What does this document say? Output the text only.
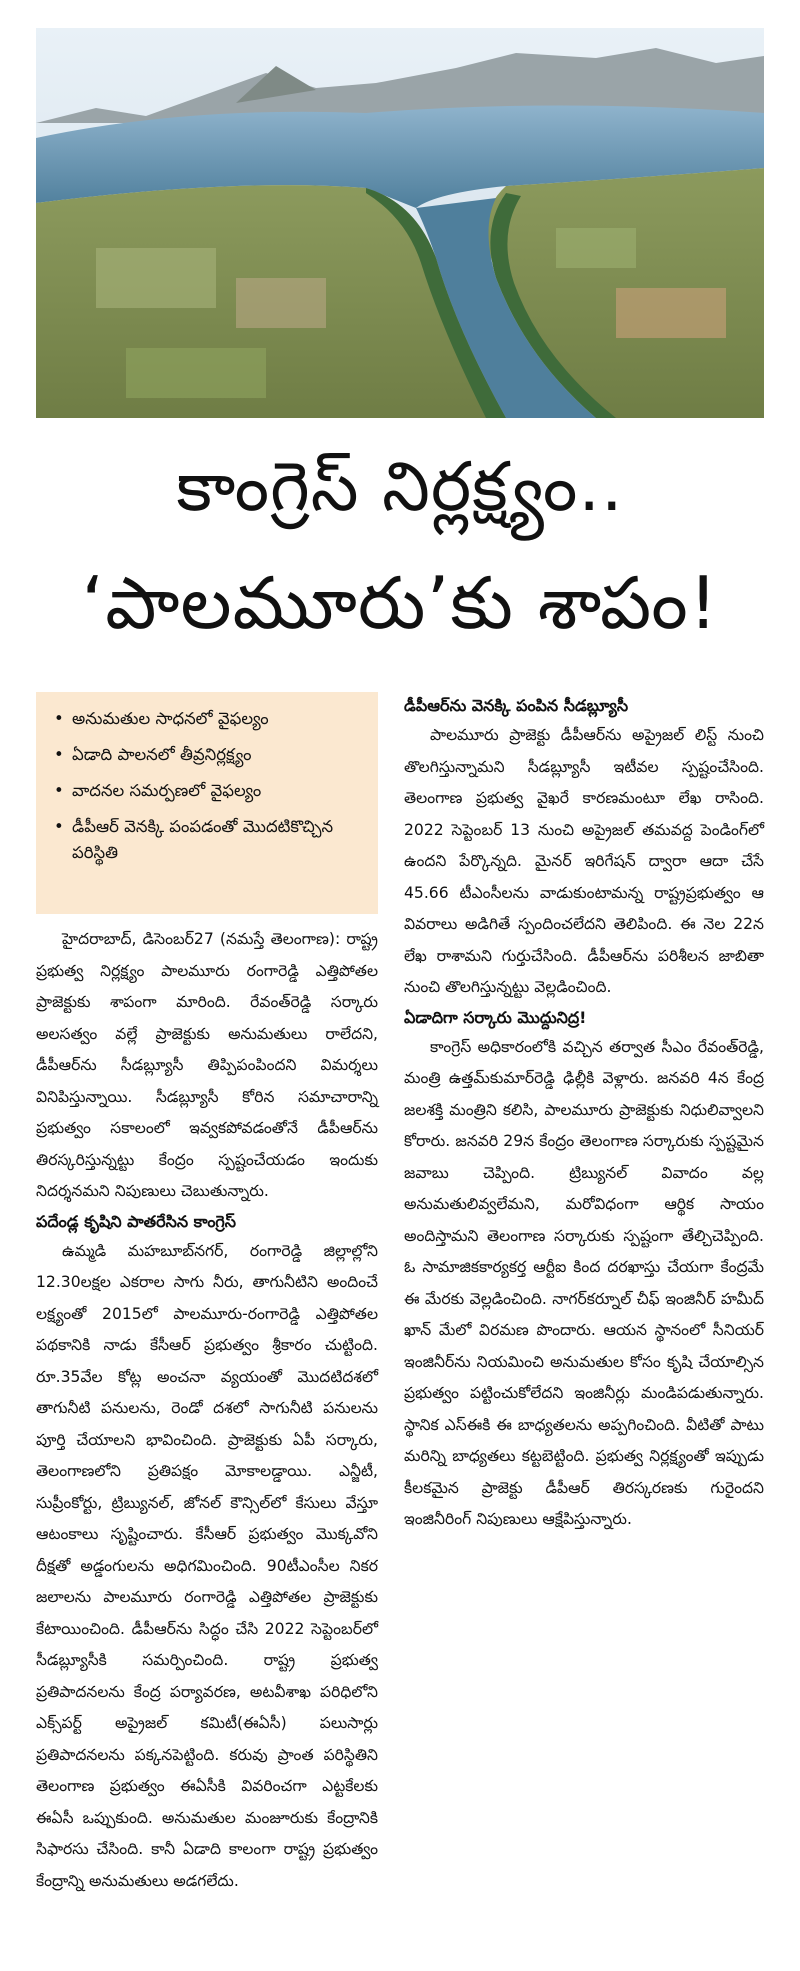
కాంగ్రెస్ నిర్లక్ష్యం..
‘పాలమూరు’కు శాపం!
• అనుమతుల సాధనలో వైఫల్యం
• ఏడాది పాలనలో తీవ్రనిర్లక్ష్యం
• వాదనల సమర్పణలో వైఫల్యం
• డీపీఆర్ వెనక్కి పంపడంతో మొదటికొచ్చిన పరిస్థితి

హైదరాబాద్, డిసెంబర్27 (నమస్తే తెలంగాణ): రాష్ట్ర ప్రభుత్వ నిర్లక్ష్యం పాలమూరు రంగారెడ్డి ఎత్తిపోతల ప్రాజెక్టుకు శాపంగా మారింది. రేవంత్‌రెడ్డి సర్కారు అలసత్వం వల్లే ప్రాజెక్టుకు అనుమతులు రాలేదని, డీపీఆర్‌ను సీడబ్ల్యూసీ తిప్పిపంపిందని విమర్శలు వినిపిస్తున్నాయి. సీడబ్ల్యూసీ కోరిన సమాచారాన్ని ప్రభుత్వం సకాలంలో ఇవ్వకపోవడంతోనే డీపీఆర్‌ను తిరస్కరిస్తున్నట్టు కేంద్రం స్పష్టంచేయడం ఇందుకు నిదర్శనమని నిపుణులు చెబుతున్నారు.

పదేండ్ల కృషిని పాతరేసిన కాంగ్రెస్

ఉమ్మడి మహబూబ్‌నగర్, రంగారెడ్డి జిల్లాల్లోని 12.30లక్షల ఎకరాల సాగు నీరు, తాగునీటిని అందించే లక్ష్యంతో 2015లో పాలమూరు-రంగారెడ్డి ఎత్తిపోతల పథకానికి నాడు కేసీఆర్ ప్రభుత్వం శ్రీకారం చుట్టింది. రూ.35వేల కోట్ల అంచనా వ్యయంతో మొదటిదశలో తాగునీటి పనులను, రెండో దశలో సాగునీటి పనులను పూర్తి చేయాలని భావించింది. ప్రాజెక్టుకు ఏపీ సర్కారు, తెలంగాణలోని ప్రతిపక్షం మోకాలడ్డాయి. ఎన్జీటీ, సుప్రీంకోర్టు, ట్రిబ్యునల్, జోనల్ కౌన్సిల్‌లో కేసులు వేస్తూ ఆటంకాలు సృష్టించారు. కేసీఆర్ ప్రభుత్వం మొక్కవోని దీక్షతో అడ్డంగులను అధిగమించింది. 90టీఎంసీల నికర జలాలను పాలమూరు రంగారెడ్డి ఎత్తిపోతల ప్రాజెక్టుకు కేటాయించింది. డీపీఆర్‌ను సిద్ధం చేసి 2022 సెప్టెంబర్‌లో సీడబ్ల్యూసీకి సమర్పించింది. రాష్ట్ర ప్రభుత్వ ప్రతిపాదనలను కేంద్ర పర్యావరణ, అటవీశాఖ పరిధిలోని ఎక్స్‌పర్ట్ అప్రైజల్ కమిటీ(ఈఏసీ) పలుసార్లు ప్రతిపాదనలను పక్కనపెట్టింది. కరువు ప్రాంత పరిస్థితిని తెలంగాణ ప్రభుత్వం ఈఏసీకి వివరించగా ఎట్టకేలకు ఈఏసీ ఒప్పుకుంది. అనుమతుల మంజూరుకు కేంద్రానికి సిఫారసు చేసింది. కానీ ఏడాది కాలంగా రాష్ట్ర ప్రభుత్వం కేంద్రాన్ని అనుమతులు అడగలేదు.

డీపీఆర్‌ను వెనక్కి పంపిన సీడబ్ల్యూసీ

పాలమూరు ప్రాజెక్టు డీపీఆర్‌ను అప్రైజల్ లిస్ట్ నుంచి తొలగిస్తున్నామని సీడబ్ల్యూసీ ఇటీవల స్పష్టంచేసింది. తెలంగాణ ప్రభుత్వ వైఖరే కారణమంటూ లేఖ రాసింది. 2022 సెప్టెంబర్ 13 నుంచి అప్రైజల్ తమవద్ద పెండింగ్‌లో ఉందని పేర్కొన్నది. మైనర్ ఇరిగేషన్ ద్వారా ఆదా చేసే 45.66 టీఎంసీలను వాడుకుంటామన్న రాష్ట్రప్రభుత్వం ఆ వివరాలు అడిగితే స్పందించలేదని తెలిపింది. ఈ నెల 22న లేఖ రాశామని గుర్తుచేసింది. డీపీఆర్‌ను పరిశీలన జాబితా నుంచి తొలగిస్తున్నట్టు వెల్లడించింది.

ఏడాదిగా సర్కారు మొద్దునిద్ర!

కాంగ్రెస్ అధికారంలోకి వచ్చిన తర్వాత సీఎం రేవంత్‌రెడ్డి, మంత్రి ఉత్తమ్‌కుమార్‌రెడ్డి ఢిల్లీకి వెళ్లారు. జనవరి 4న కేంద్ర జలశక్తి మంత్రిని కలిసి, పాలమూరు ప్రాజెక్టుకు నిధులివ్వాలని కోరారు. జనవరి 29న కేంద్రం తెలంగాణ సర్కారుకు స్పష్టమైన జవాబు చెప్పింది. ట్రిబ్యునల్ వివాదం వల్ల అనుమతులివ్వలేమని, మరోవిధంగా ఆర్థిక సాయం అందిస్తామని తెలంగాణ సర్కారుకు స్పష్టంగా తేల్చిచెప్పింది. ఓ సామాజికకార్యకర్త ఆర్టీఐ కింద దరఖాస్తు చేయగా కేంద్రమే ఈ మేరకు వెల్లడించింది. నాగర్‌కర్నూల్ చీఫ్ ఇంజినీర్ హమీద్ ఖాన్ మేలో విరమణ పొందారు. ఆయన స్థానంలో సీనియర్ ఇంజినీర్‌ను నియమించి అనుమతుల కోసం కృషి చేయాల్సిన ప్రభుత్వం పట్టించుకోలేదని ఇంజినీర్లు మండిపడుతున్నారు. స్థానిక ఎస్‌ఈకి ఈ బాధ్యతలను అప్పగించింది. వీటితో పాటు మరిన్ని బాధ్యతలు కట్టబెట్టింది. ప్రభుత్వ నిర్లక్ష్యంతో ఇప్పుడు కీలకమైన ప్రాజెక్టు డీపీఆర్ తిరస్కరణకు గురైందని ఇంజినీరింగ్ నిపుణులు ఆక్షేపిస్తున్నారు.
